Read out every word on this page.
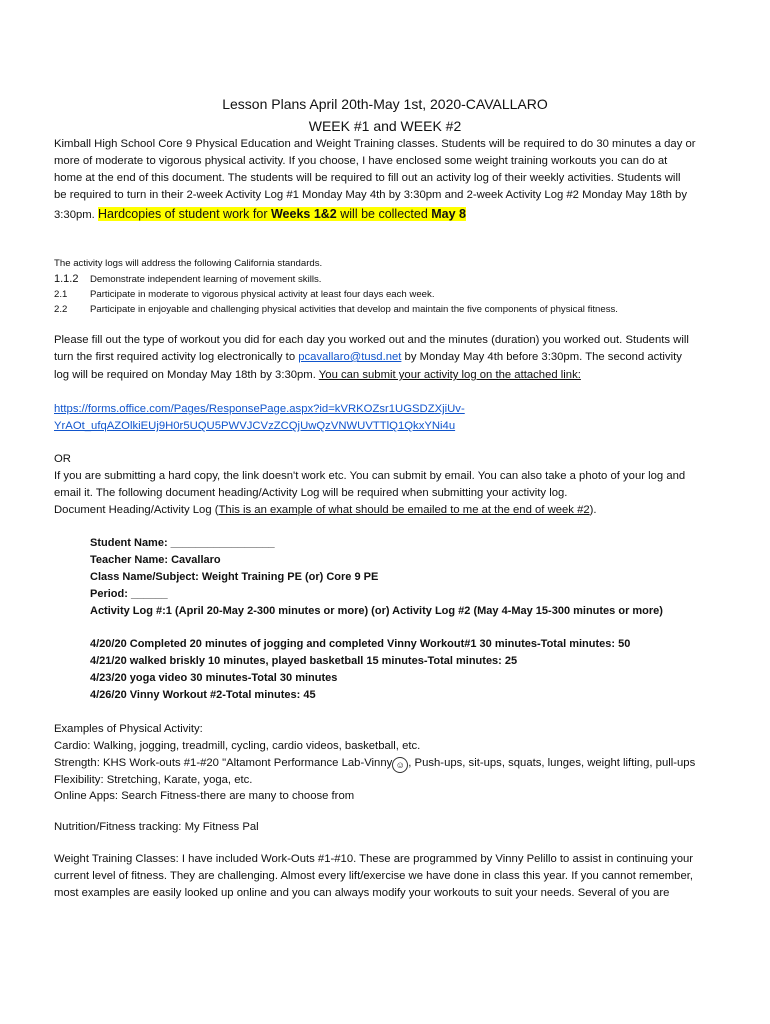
Lesson Plans April 20th-May 1st, 2020-CAVALLARO
WEEK #1 and WEEK #2
Kimball High School Core 9 Physical Education and Weight Training classes. Students will be required to do 30 minutes a day or
more of moderate to vigorous physical activity. If you choose, I have enclosed some weight training workouts you can do at
home at the end of this document. The students will be required to fill out an activity log of their weekly activities. Students will
be required to turn in their 2-week Activity Log #1 Monday May 4th by 3:30pm and 2-week Activity Log #2 Monday May 18th by
3:30pm. Hardcopies of student work for Weeks 1&2 will be collected May 8
The activity logs will address the following California standards.
1.1.2 Demonstrate independent learning of movement skills.
2.1 Participate in moderate to vigorous physical activity at least four days each week.
2.2 Participate in enjoyable and challenging physical activities that develop and maintain the five components of physical fitness.
Please fill out the type of workout you did for each day you worked out and the minutes (duration) you worked out. Students will
turn the first required activity log electronically to pcavallaro@tusd.net by Monday May 4th before 3:30pm. The second activity
log will be required on Monday May 18th by 3:30pm. You can submit your activity log on the attached link:
https://forms.office.com/Pages/ResponsePage.aspx?id=kVRKOZsr1UGSDZXjiUv-
YrAOt_ufqAZOlkiEUj9H0r5UQU5PWVJCVzZCQjUwQzVNWUVTTlQ1QkxYNi4u
OR
If you are submitting a hard copy, the link doesn't work etc. You can submit by email. You can also take a photo of your log and
email it. The following document heading/Activity Log will be required when submitting your activity log.
Document Heading/Activity Log (This is an example of what should be emailed to me at the end of week #2).
Student Name: _________________
Teacher Name: Cavallaro
Class Name/Subject: Weight Training PE (or) Core 9 PE
Period: ______
Activity Log #:1 (April 20-May 2-300 minutes or more) (or) Activity Log #2 (May 4-May 15-300 minutes or more)
4/20/20 Completed 20 minutes of jogging and completed Vinny Workout#1 30 minutes-Total minutes: 50
4/21/20 walked briskly 10 minutes, played basketball 15 minutes-Total minutes: 25
4/23/20 yoga video 30 minutes-Total 30 minutes
4/26/20 Vinny Workout #2-Total minutes: 45
Examples of Physical Activity:
Cardio: Walking, jogging, treadmill, cycling, cardio videos, basketball, etc.
Strength: KHS Work-outs #1-#20 "Altamont Performance Lab-Vinny ☺ , Push-ups, sit-ups, squats, lunges, weight lifting, pull-ups
Flexibility: Stretching, Karate, yoga, etc.
Online Apps: Search Fitness-there are many to choose from
Nutrition/Fitness tracking: My Fitness Pal
Weight Training Classes: I have included Work-Outs #1-#10. These are programmed by Vinny Pelillo to assist in continuing your
current level of fitness. They are challenging. Almost every lift/exercise we have done in class this year. If you cannot remember,
most examples are easily looked up online and you can always modify your workouts to suit your needs. Several of you are
